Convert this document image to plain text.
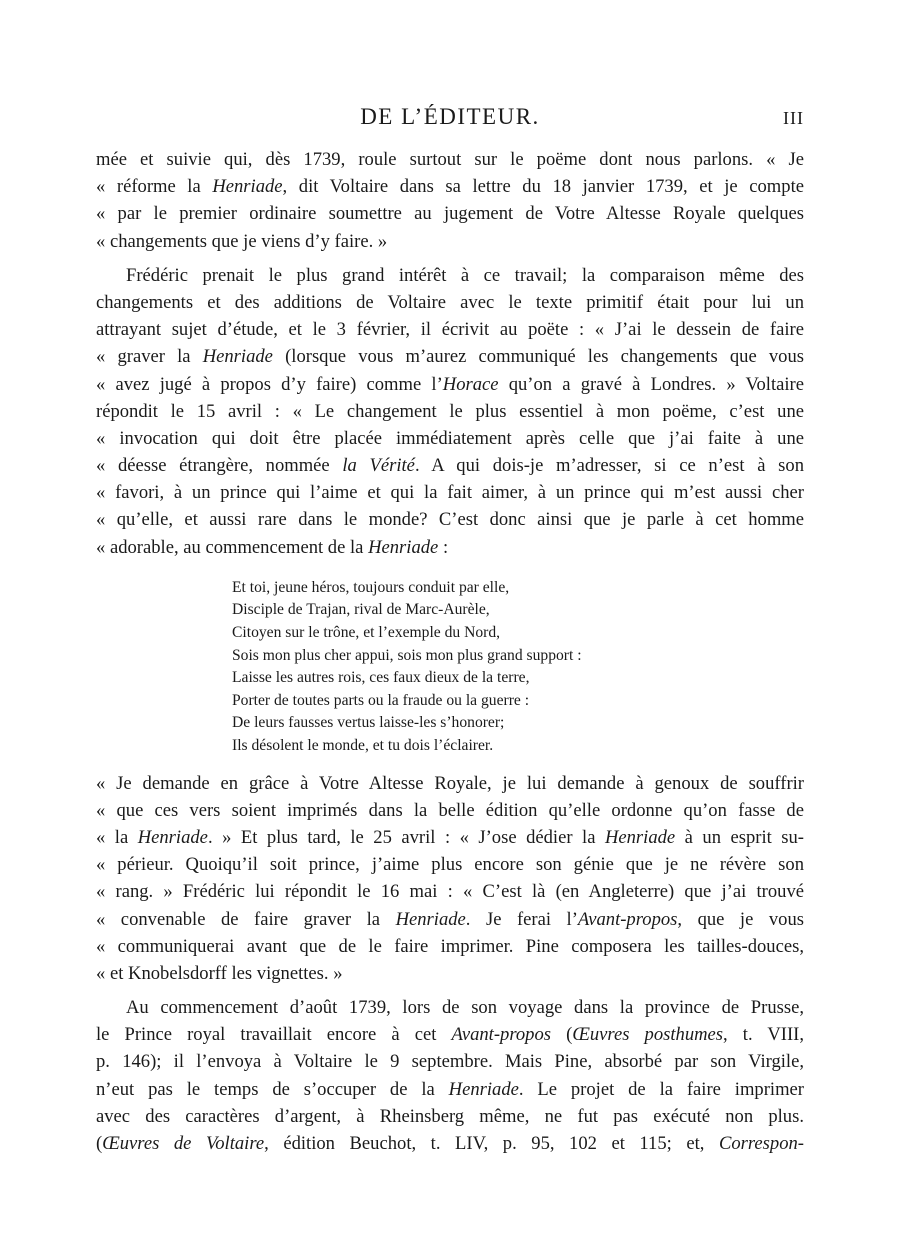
DE L’ÉDITEUR.	III
mée et suivie qui, dès 1739, roule surtout sur le poëme dont nous parlons. « Je
« réforme la Henriade, dit Voltaire dans sa lettre du 18 janvier 1739, et je compte
« par le premier ordinaire soumettre au jugement de Votre Altesse Royale quelques
« changements que je viens d’y faire. »
Frédéric prenait le plus grand intérêt à ce travail; la comparaison même des
changements et des additions de Voltaire avec le texte primitif était pour lui un
attrayant sujet d’étude, et le 3 février, il écrivit au poëte : « J’ai le dessein de faire
« graver la Henriade (lorsque vous m’aurez communiqué les changements que vous
« avez jugé à propos d’y faire) comme l’Horace qu’on a gravé à Londres. » Voltaire
répondit le 15 avril : « Le changement le plus essentiel à mon poëme, c’est une
« invocation qui doit être placée immédiatement après celle que j’ai faite à une
« déesse étrangère, nommée la Vérité. A qui dois-je m’adresser, si ce n’est à son
« favori, à un prince qui l’aime et qui la fait aimer, à un prince qui m’est aussi cher
« qu’elle, et aussi rare dans le monde? C’est donc ainsi que je parle à cet homme
« adorable, au commencement de la Henriade :
Et toi, jeune héros, toujours conduit par elle,
Disciple de Trajan, rival de Marc-Aurèle,
Citoyen sur le trône, et l’exemple du Nord,
Sois mon plus cher appui, sois mon plus grand support :
Laisse les autres rois, ces faux dieux de la terre,
Porter de toutes parts ou la fraude ou la guerre :
De leurs fausses vertus laisse-les s’honorer;
Ils désolent le monde, et tu dois l’éclairer.
« Je demande en grâce à Votre Altesse Royale, je lui demande à genoux de souffrir
« que ces vers soient imprimés dans la belle édition qu’elle ordonne qu’on fasse de
« la Henriade. » Et plus tard, le 25 avril : « J’ose dédier la Henriade à un esprit su-
« périeur. Quoiqu’il soit prince, j’aime plus encore son génie que je ne révère son
« rang. » Frédéric lui répondit le 16 mai : « C’est là (en Angleterre) que j’ai trouvé
« convenable de faire graver la Henriade. Je ferai l’Avant-propos, que je vous
« communiquerai avant que de le faire imprimer. Pine composera les tailles-douces,
« et Knobelsdorff les vignettes. »
Au commencement d’août 1739, lors de son voyage dans la province de Prusse,
le Prince royal travaillait encore à cet Avant-propos (Œuvres posthumes, t. VIII,
p. 146); il l’envoya à Voltaire le 9 septembre. Mais Pine, absorbé par son Virgile,
n’eut pas le temps de s’occuper de la Henriade. Le projet de la faire imprimer
avec des caractères d’argent, à Rheinsberg même, ne fut pas exécuté non plus.
(Œuvres de Voltaire, édition Beuchot, t. LIV, p. 95, 102 et 115; et, Correspon-
